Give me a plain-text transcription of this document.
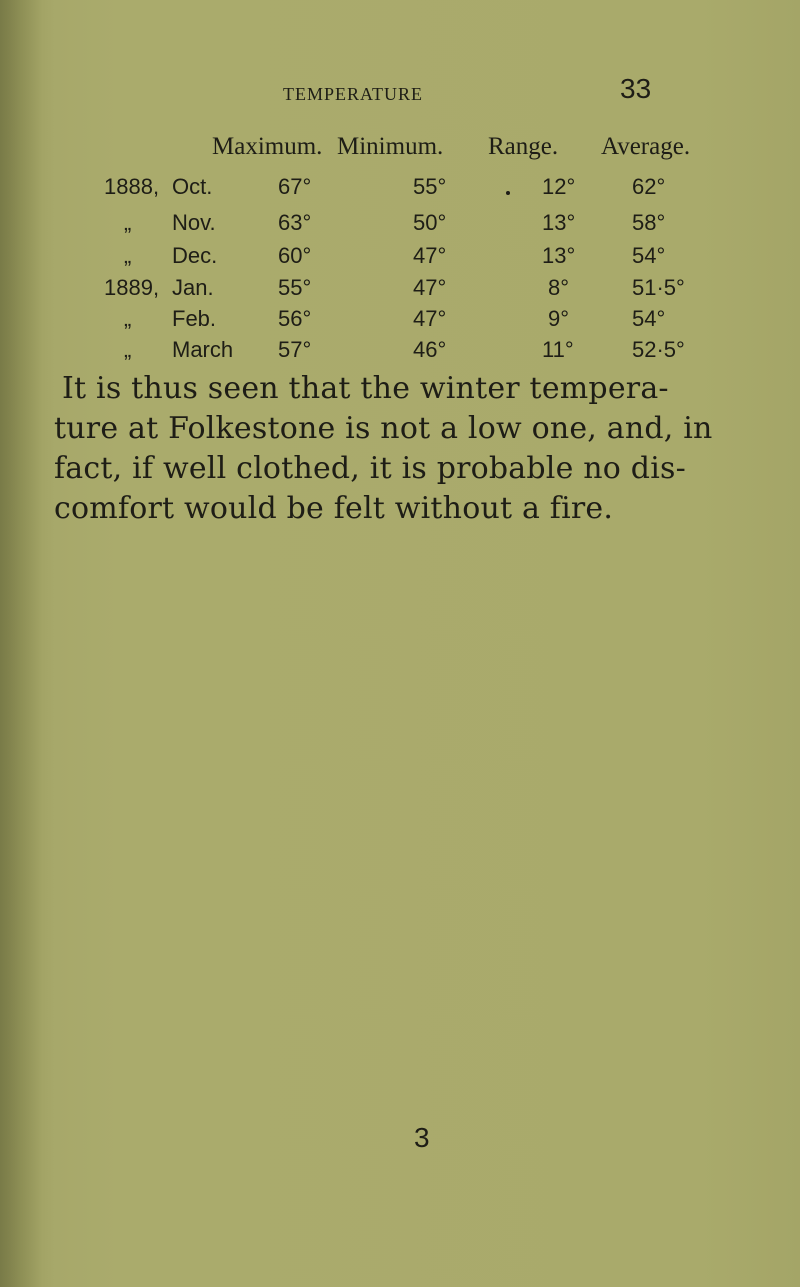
TEMPERATURE	33
Maximum. Minimum. Range. Average.
1888, Oct.	67°	55°	12°	62°
„ Nov.	63°	50°	13°	58°
„ Dec.	60°	47°	13°	54°
1889, Jan.	55°	47°	8°	51·5°
„ Feb.	56°	47°	9°	54°
„ March 57°	46°	11°	52·5°
It is thus seen that the winter tempera-
ture at Folkestone is not a low one, and, in
fact, if well clothed, it is probable no dis-
comfort would be felt without a fire.
3
